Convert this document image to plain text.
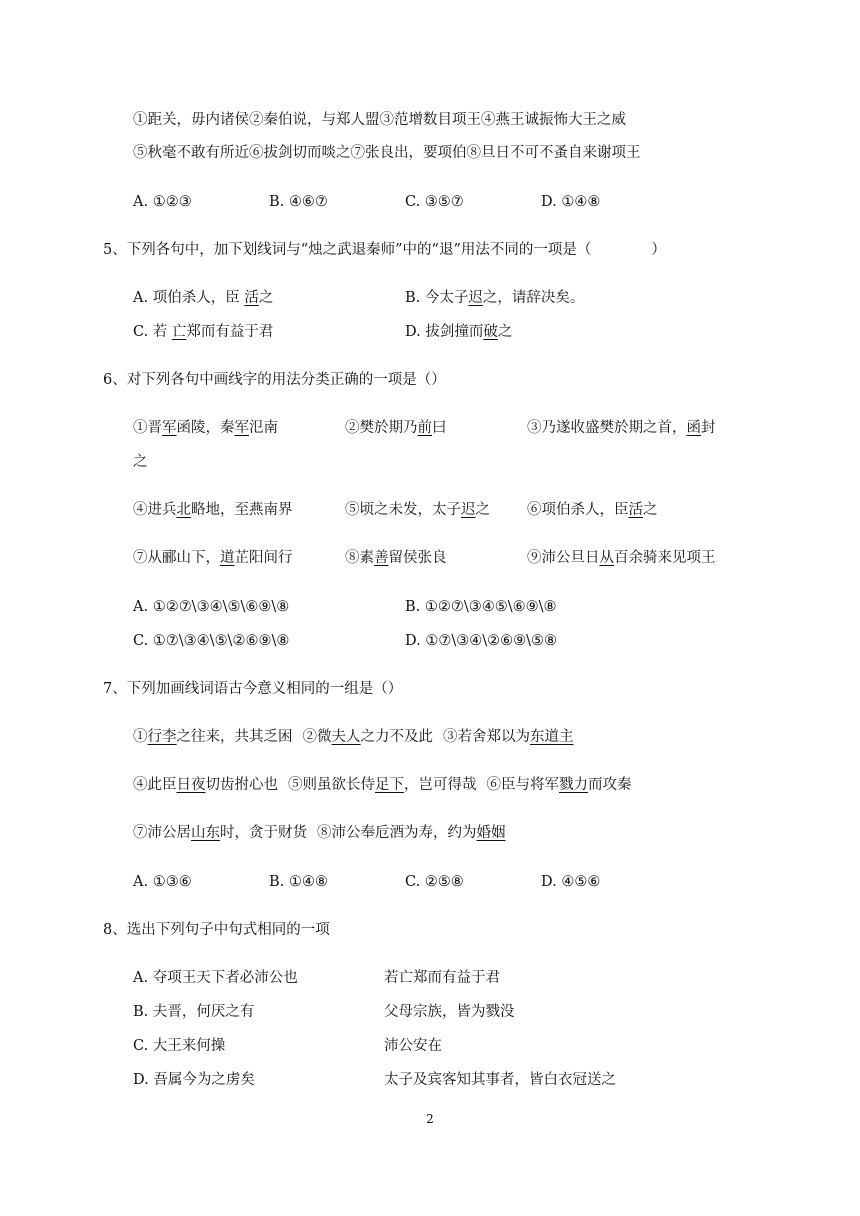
①距关，毋内诸侯②秦伯说，与郑人盟③范增数目项王④燕王诚振怖大王之威
⑤秋毫不敢有所近⑥拔剑切而啖之⑦张良出，要项伯⑧旦日不可不蚤自来谢项王
A. ①②③	B. ④⑥⑦	C. ③⑤⑦	D. ①④⑧
5、下列各句中，加下划线词与“烛之武退秦师”中的“退”用法不同的一项是（	）
A. 项伯杀人，臣 活之	B. 今太子迟之，请辞决矣。
C. 若 亡郑而有益于君	D. 拔剑撞而破之
6、对下列各句中画线字的用法分类正确的一项是（）
①晋军函陵，秦军氾南	②樊於期乃前曰	③乃遂收盛樊於期之首，函封
之
④进兵北略地，至燕南界	⑤顷之未发，太子迟之	⑥项伯杀人，臣活之
⑦从郦山下，道芷阳间行	⑧素善留侯张良	⑨沛公旦日从百余骑来见项王
A. ①②⑦\③④\⑤\⑥⑨\⑧	B. ①②⑦\③④⑤\⑥⑨\⑧
C. ①⑦\③④\⑤\②⑥⑨\⑧	D. ①⑦\③④\②⑥⑨\⑤⑧
7、下列加画线词语古今意义相同的一组是（）
①行李之往来，共其乏困 ②微夫人之力不及此 ③若舍郑以为东道主
④此臣日夜切齿拊心也 ⑤则虽欲长侍足下，岂可得哉 ⑥臣与将军戮力而攻秦
⑦沛公居山东时，贪于财货 ⑧沛公奉卮酒为寿，约为婚姻
A. ①③⑥	B. ①④⑧	C. ②⑤⑧	D. ④⑤⑥
8、选出下列句子中句式相同的一项
A. 夺项王天下者必沛公也	若亡郑而有益于君
B. 夫晋，何厌之有	父母宗族，皆为戮没
C. 大王来何操	沛公安在
D. 吾属今为之虏矣	太子及宾客知其事者，皆白衣冠送之
2
